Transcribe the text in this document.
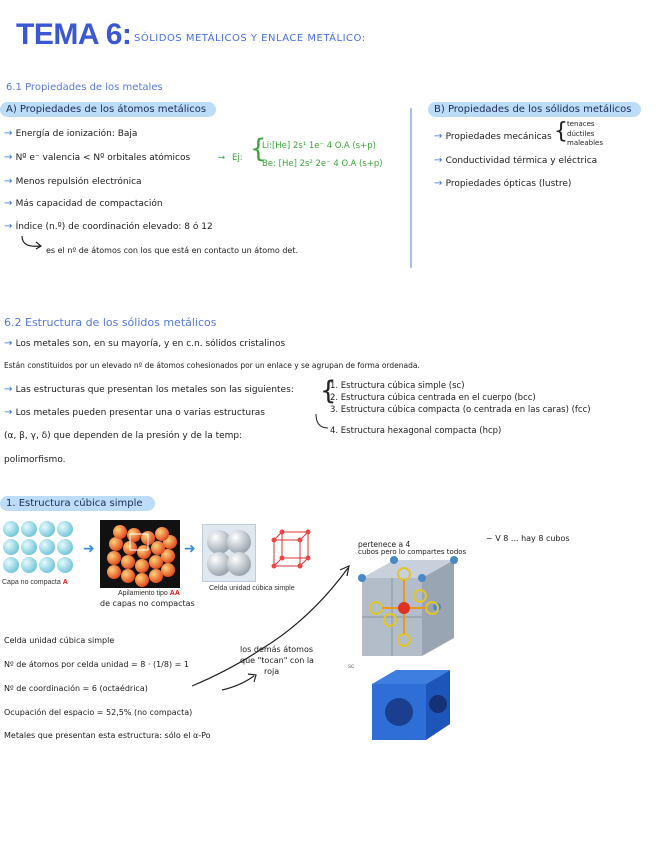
TEMA 6: SÓLIDOS METÁLICOS Y ENLACE METÁLICO:
6.1 Propiedades de los metales
A) Propiedades de los átomos metálicos
→ Energía de ionización: Baja
→ Nº e⁻ valencia < Nº orbitales atómicos
→ Menos repulsión electrónica
→ Más capacidad de compactación
→ Índice (n.º) de coordinación elevado: 8 ó 12
→ Ej: {
Li:[He] 2s¹ 1e⁻ 4 O.A (s+p)
Be: [He] 2s² 2e⁻ 4 O.A (s+p)
es el nº de átomos con los que está en contacto un átomo det.
B) Propiedades de los sólidos metálicos
→ Propiedades mecánicas { tenaces
dúctiles
maleables
→ Conductividad térmica y eléctrica
→ Propiedades ópticas (lustre)
6.2 Estructura de los sólidos metálicos
→ Los metales son, en su mayoría, y en c.n. sólidos cristalinos
Están constituidos por un elevado nº de átomos cohesionados por un enlace y se agrupan de forma ordenada.
→ Las estructuras que presentan los metales son las siguientes:
→ Los metales pueden presentar una o varias estructuras
(α, β, γ, δ) que dependen de la presión y de la temp:
polimorfismo.
{
1. Estructura cúbica simple (sc)
2. Estructura cúbica centrada en el cuerpo (bcc)
3. Estructura cúbica compacta (o centrada en las caras) (fcc)
4. Estructura hexagonal compacta (hcp)
1. Estructura cúbica simple
Capa no compacta A
➜
Apilamiento tipo AA
de capas no compactas
➜
Celda unidad cúbica simple
pertenece a 4
cubos pero lo compartes todos
~ V 8 ... hay 8 cubos
sc
los demás átomos
que "tocan" con la
roja
Celda unidad cúbica simple
Nº de átomos por celda unidad = 8 · (1/8) = 1
Nº de coordinación = 6 (octaédrica)
Ocupación del espacio = 52,5% (no compacta)
Metales que presentan esta estructura: sólo el α-Po
